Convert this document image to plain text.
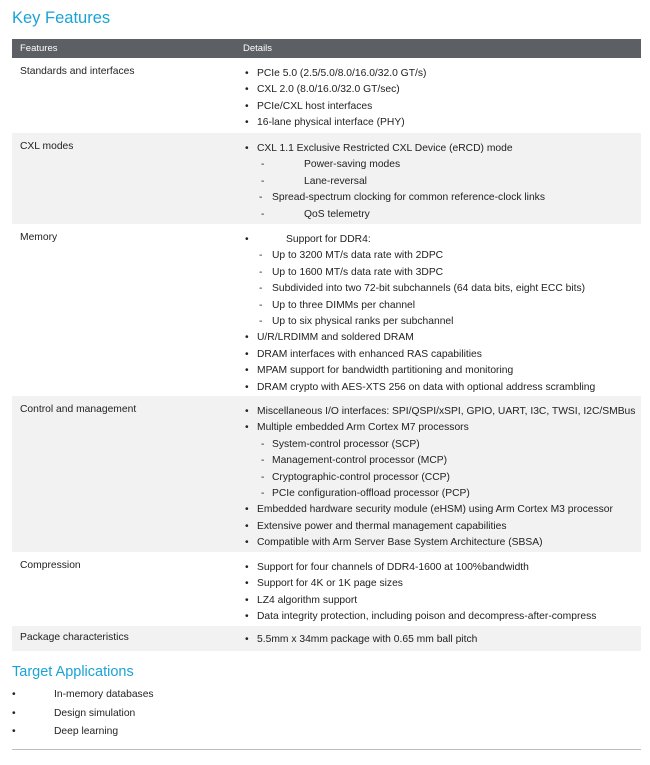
Key Features
Features	Details
Standards and interfaces	• PCIe 5.0 (2.5/5.0/8.0/16.0/32.0 GT/s)
• CXL 2.0 (8.0/16.0/32.0 GT/sec)
• PCIe/CXL host interfaces
• 16-lane physical interface (PHY)
CXL modes	• CXL 1.1 Exclusive Restricted CXL Device (eRCD) mode
- Power-saving modes
- Lane-reversal
- Spread-spectrum clocking for common reference-clock links
- QoS telemetry
Memory	• Support for DDR4:
- Up to 3200 MT/s data rate with 2DPC
- Up to 1600 MT/s data rate with 3DPC
- Subdivided into two 72-bit subchannels (64 data bits, eight ECC bits)
- Up to three DIMMs per channel
- Up to six physical ranks per subchannel
• U/R/LRDIMM and soldered DRAM
• DRAM interfaces with enhanced RAS capabilities
• MPAM support for bandwidth partitioning and monitoring
• DRAM crypto with AES-XTS 256 on data with optional address scrambling
Control and management	• Miscellaneous I/O interfaces: SPI/QSPI/xSPI, GPIO, UART, I3C, TWSI, I2C/SMBus
• Multiple embedded Arm Cortex M7 processors
- System-control processor (SCP)
- Management-control processor (MCP)
- Cryptographic-control processor (CCP)
- PCIe configuration-offload processor (PCP)
• Embedded hardware security module (eHSM) using Arm Cortex M3 processor
• Extensive power and thermal management capabilities
• Compatible with Arm Server Base System Architecture (SBSA)
Compression	• Support for four channels of DDR4-1600 at 100%bandwidth
• Support for 4K or 1K page sizes
• LZ4 algorithm support
• Data integrity protection, including poison and decompress-after-compress
Package characteristics	• 5.5mm x 34mm package with 0.65 mm ball pitch
Target Applications
• In-memory databases
• Design simulation
• Deep learning
